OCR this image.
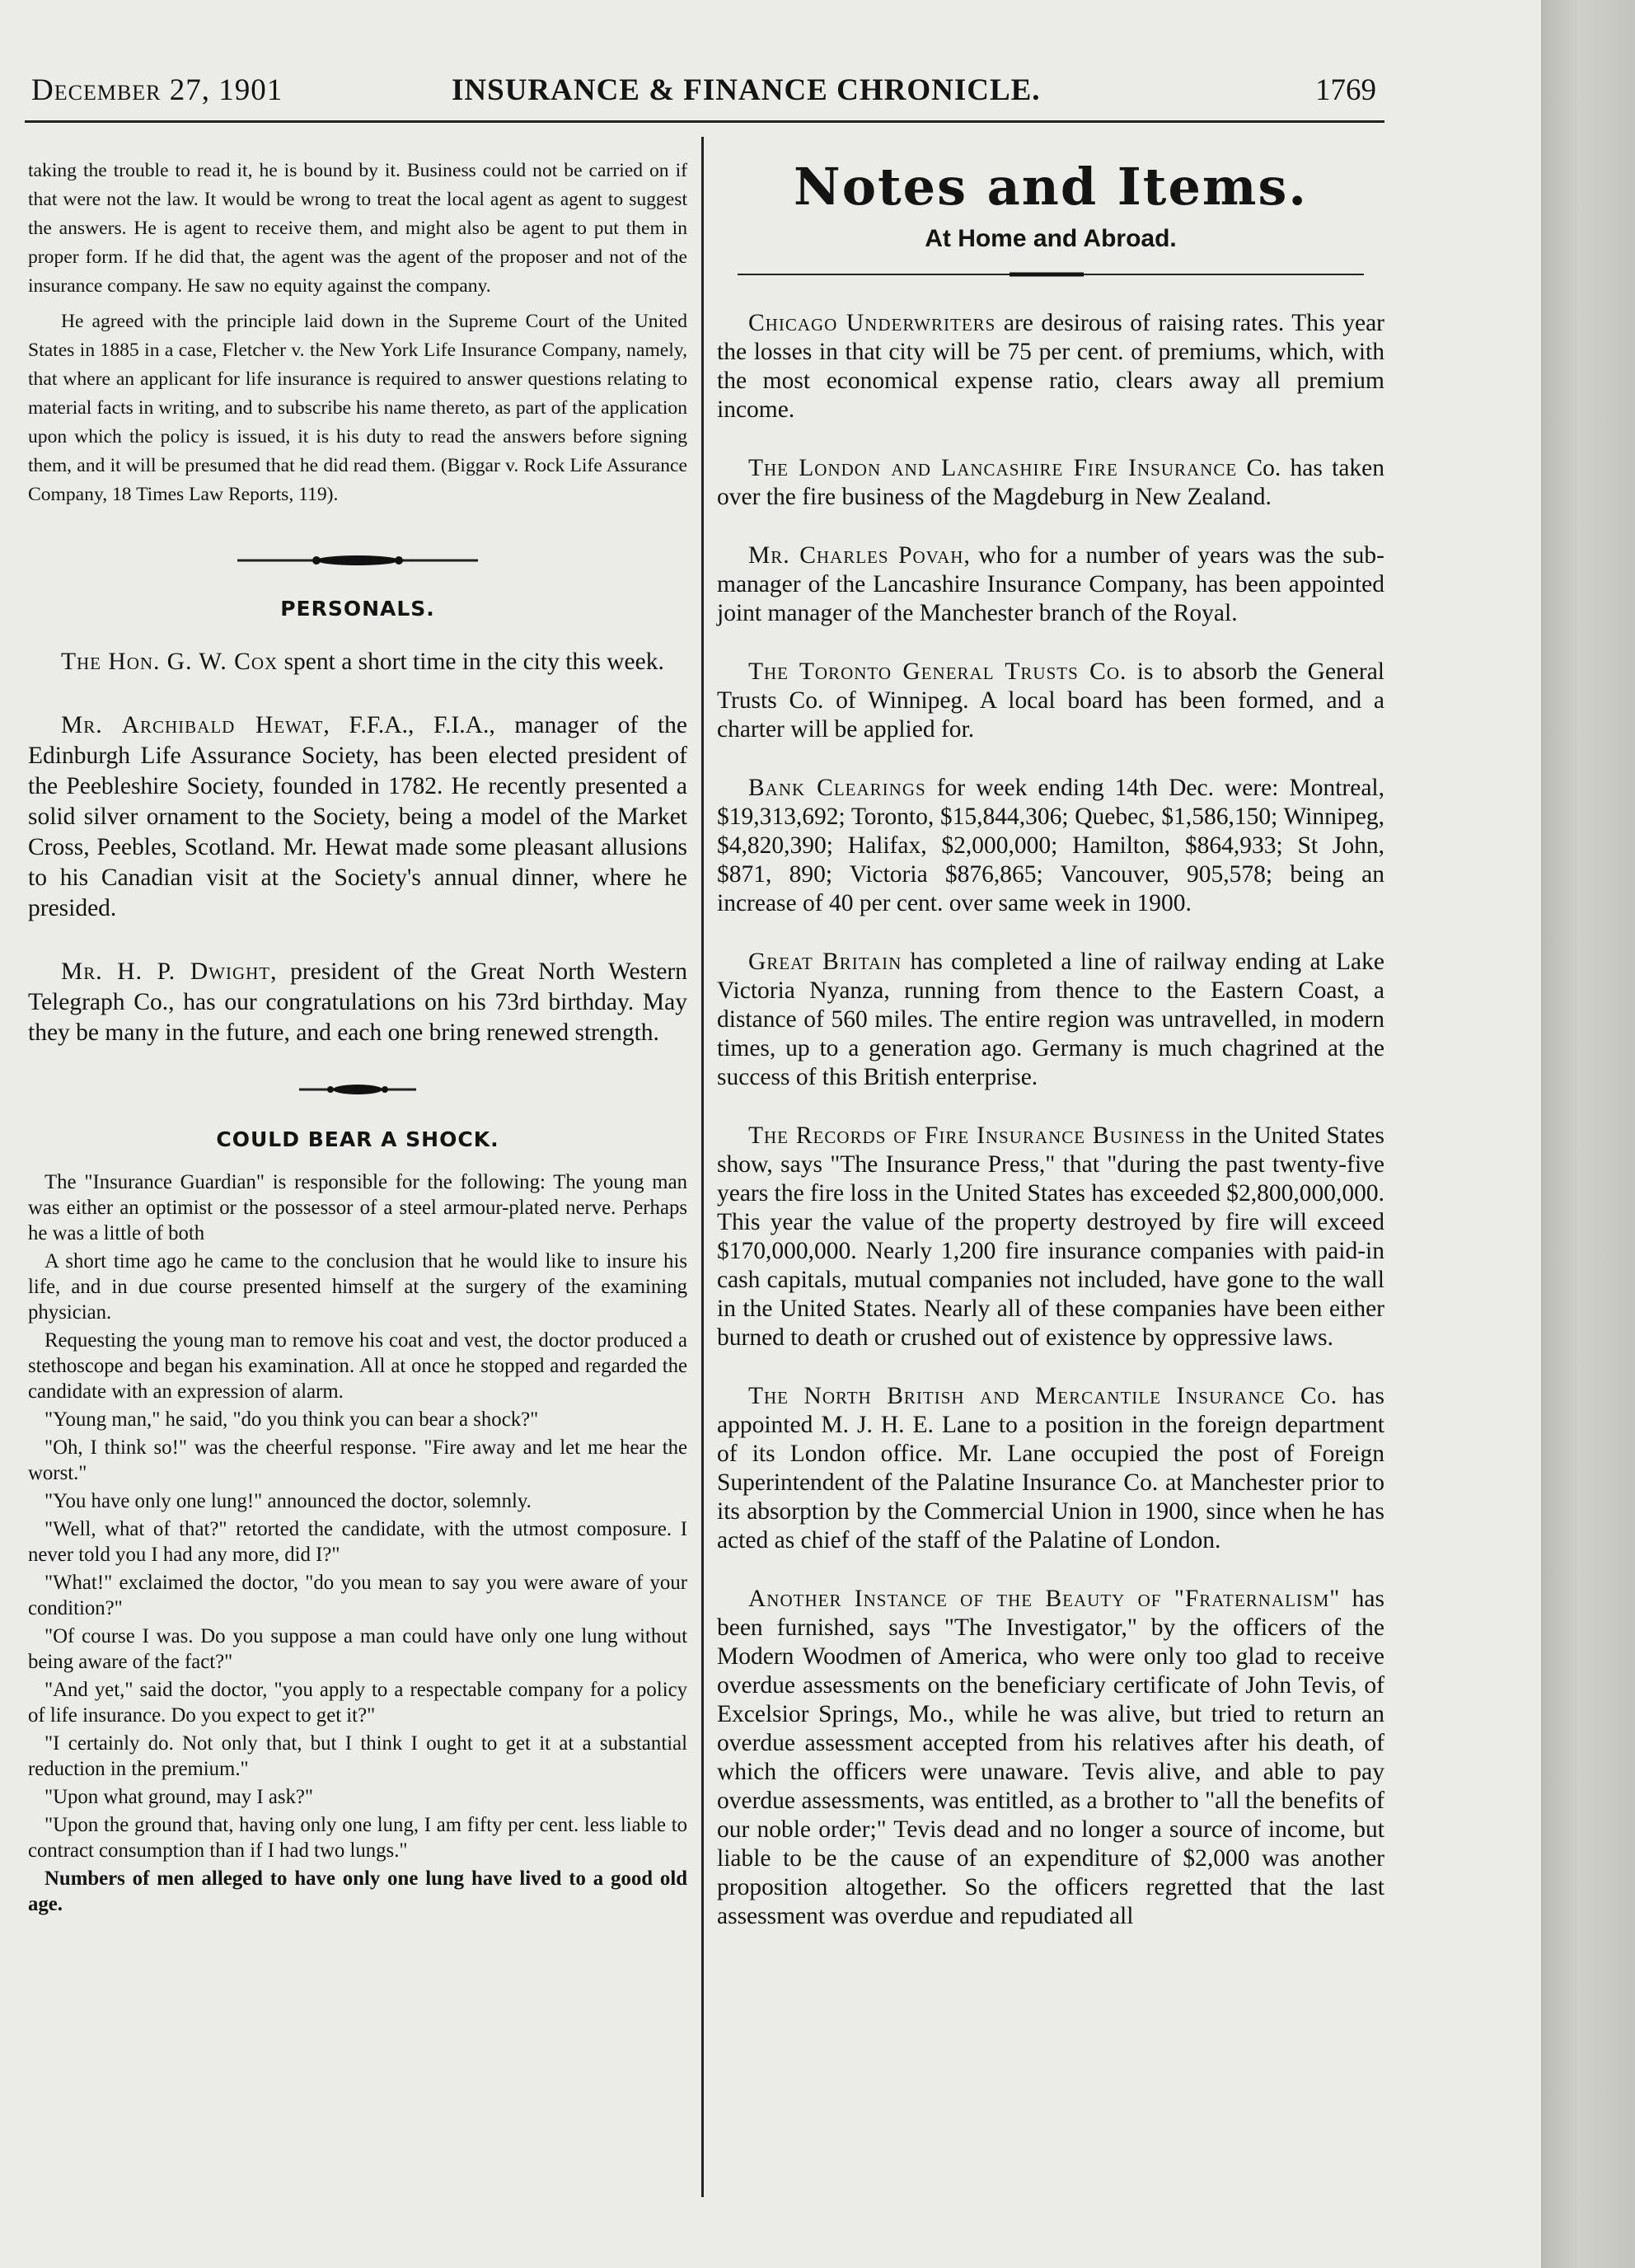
December 27, 1901	INSURANCE & FINANCE CHRONICLE.	1769

taking the trouble to read it, he is bound by it. Business could not be carried on if that were not the law. It would be wrong to treat the local agent as agent to suggest the answers. He is agent to receive them, and might also be agent to put them in proper form. If he did that, the agent was the agent of the proposer and not of the insurance company. He saw no equity against the company.

He agreed with the principle laid down in the Supreme Court of the United States in 1885 in a case, Fletcher v. the New York Life Insurance Company, namely, that where an applicant for life insurance is required to answer questions relating to material facts in writing, and to subscribe his name thereto, as part of the application upon which the policy is issued, it is his duty to read the answers before signing them, and it will be presumed that he did read them. (Biggar v. Rock Life Assurance Company, 18 Times Law Reports, 119).

PERSONALS.

The Hon. G. W. Cox spent a short time in the city this week.

Mr. Archibald Hewat, F.F.A., F.I.A., manager of the Edinburgh Life Assurance Society, has been elected president of the Peebleshire Society, founded in 1782. He recently presented a solid silver ornament to the Society, being a model of the Market Cross, Peebles, Scotland. Mr. Hewat made some pleasant allusions to his Canadian visit at the Society's annual dinner, where he presided.

Mr. H. P. Dwight, president of the Great North Western Telegraph Co., has our congratulations on his 73rd birthday. May they be many in the future, and each one bring renewed strength.

COULD BEAR A SHOCK.

The "Insurance Guardian" is responsible for the following: The young man was either an optimist or the possessor of a steel armour-plated nerve. Perhaps he was a little of both

A short time ago he came to the conclusion that he would like to insure his life, and in due course presented himself at the surgery of the examining physician.

Requesting the young man to remove his coat and vest, the doctor produced a stethoscope and began his examination. All at once he stopped and regarded the candidate with an expression of alarm.

"Young man," he said, "do you think you can bear a shock?"

"Oh, I think so!" was the cheerful response. "Fire away and let me hear the worst."

"You have only one lung!" announced the doctor, solemnly.

"Well, what of that?" retorted the candidate, with the utmost composure. I never told you I had any more, did I?"

"What!" exclaimed the doctor, "do you mean to say you were aware of your condition?"

"Of course I was. Do you suppose a man could have only one lung without being aware of the fact?"

"And yet," said the doctor, "you apply to a respectable company for a policy of life insurance. Do you expect to get it?"

"I certainly do. Not only that, but I think I ought to get it at a substantial reduction in the premium."

"Upon what ground, may I ask?"

"Upon the ground that, having only one lung, I am fifty per cent. less liable to contract consumption than if I had two lungs."

Numbers of men alleged to have only one lung have lived to a good old age.

Notes and Items.
At Home and Abroad.

Chicago Underwriters are desirous of raising rates. This year the losses in that city will be 75 per cent. of premiums, which, with the most economical expense ratio, clears away all premium income.

The London and Lancashire Fire Insurance Co. has taken over the fire business of the Magdeburg in New Zealand.

Mr. Charles Povah, who for a number of years was the sub-manager of the Lancashire Insurance Company, has been appointed joint manager of the Manchester branch of the Royal.

The Toronto General Trusts Co. is to absorb the General Trusts Co. of Winnipeg. A local board has been formed, and a charter will be applied for.

Bank Clearings for week ending 14th Dec. were: Montreal, $19,313,692; Toronto, $15,844,306; Quebec, $1,586,150; Winnipeg, $4,820,390; Halifax, $2,000,000; Hamilton, $864,933; St John, $871, 890; Victoria $876,865; Vancouver, 905,578; being an increase of 40 per cent. over same week in 1900.

Great Britain has completed a line of railway ending at Lake Victoria Nyanza, running from thence to the Eastern Coast, a distance of 560 miles. The entire region was untravelled, in modern times, up to a generation ago. Germany is much chagrined at the success of this British enterprise.

The Records of Fire Insurance Business in the United States show, says "The Insurance Press," that "during the past twenty-five years the fire loss in the United States has exceeded $2,800,000,000. This year the value of the property destroyed by fire will exceed $170,000,000. Nearly 1,200 fire insurance companies with paid-in cash capitals, mutual companies not included, have gone to the wall in the United States. Nearly all of these companies have been either burned to death or crushed out of existence by oppressive laws.

The North British and Mercantile Insurance Co. has appointed M. J. H. E. Lane to a position in the foreign department of its London office. Mr. Lane occupied the post of Foreign Superintendent of the Palatine Insurance Co. at Manchester prior to its absorption by the Commercial Union in 1900, since when he has acted as chief of the staff of the Palatine of London.

Another Instance of the Beauty of "Fraternalism" has been furnished, says "The Investigator," by the officers of the Modern Woodmen of America, who were only too glad to receive overdue assessments on the beneficiary certificate of John Tevis, of Excelsior Springs, Mo., while he was alive, but tried to return an overdue assessment accepted from his relatives after his death, of which the officers were unaware. Tevis alive, and able to pay overdue assessments, was entitled, as a brother to "all the benefits of our noble order;" Tevis dead and no longer a source of income, but liable to be the cause of an expenditure of $2,000 was another proposition altogether. So the officers regretted that the last assessment was overdue and repudiated all
